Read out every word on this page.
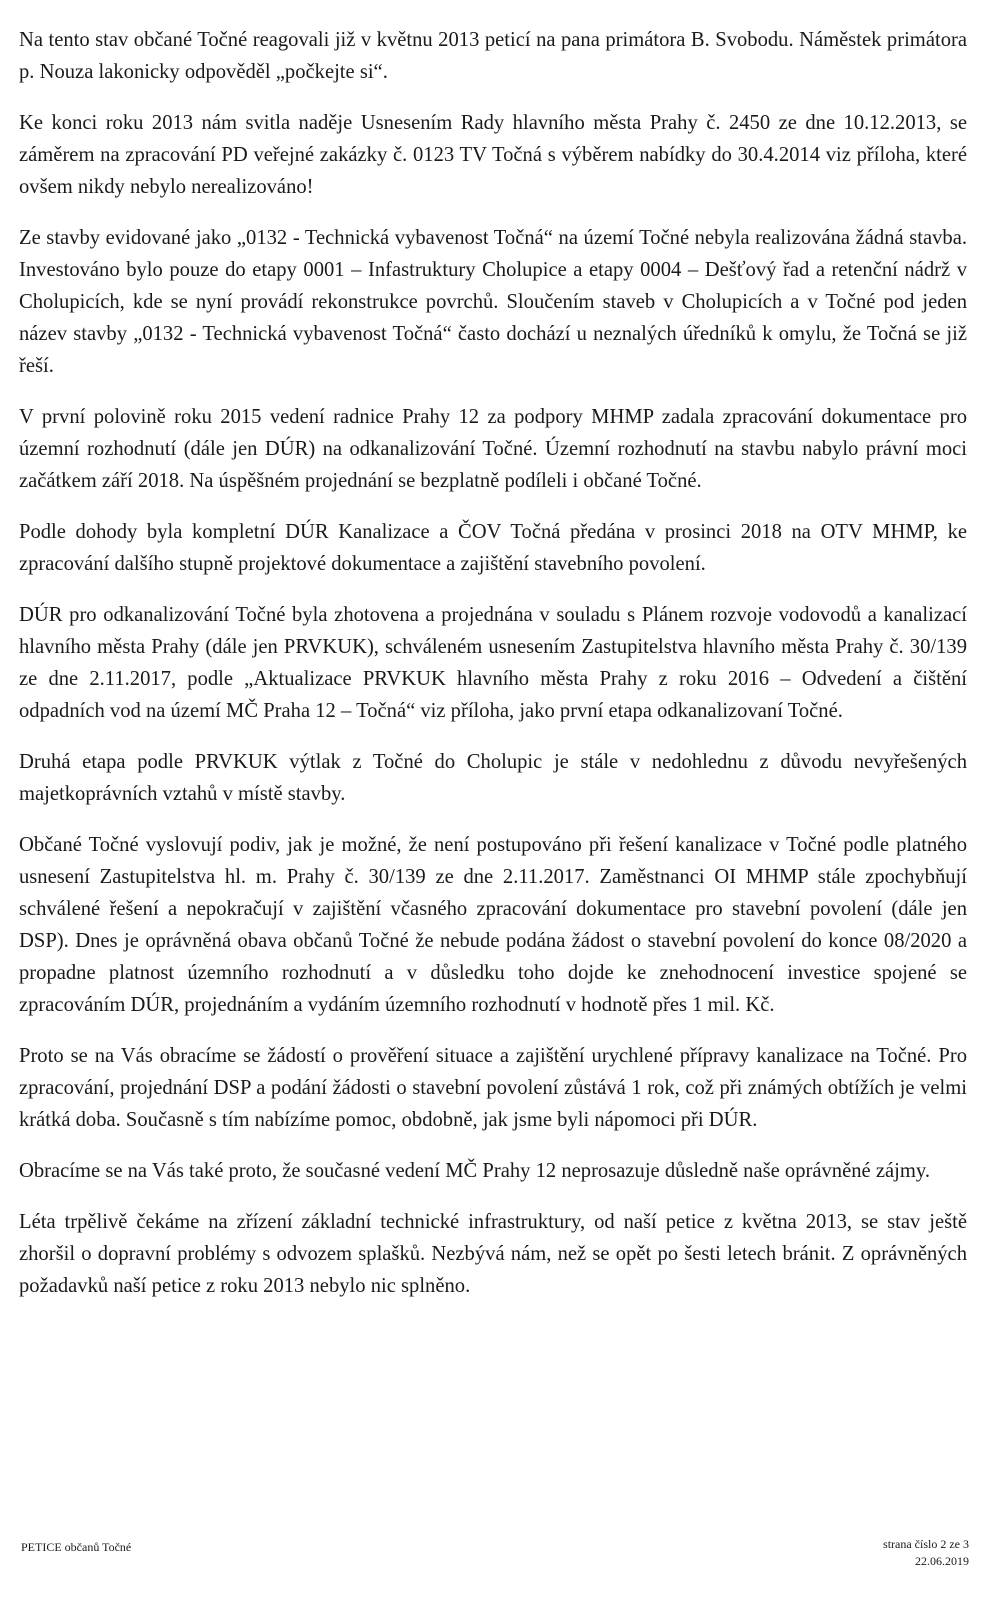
Na tento stav občané Točné reagovali již v květnu 2013 peticí na pana primátora B. Svobodu. Náměstek primátora p. Nouza lakonicky odpověděl „počkejte si“.

Ke konci roku 2013 nám svitla naděje Usnesením Rady hlavního města Prahy č. 2450 ze dne 10.12.2013, se záměrem na zpracování PD veřejné zakázky č. 0123 TV Točná s výběrem nabídky do 30.4.2014 viz příloha, které ovšem nikdy nebylo nerealizováno!

Ze stavby evidované jako „0132 - Technická vybavenost Točná“ na území Točné nebyla realizována žádná stavba. Investováno bylo pouze do etapy 0001 – Infastruktury Cholupice a etapy 0004 – Dešťový řad a retenční nádrž v Cholupicích, kde se nyní provádí rekonstrukce povrchů. Sloučením staveb v Cholupicích a v Točné pod jeden název stavby „0132 - Technická vybavenost Točná“ často dochází u neznalých úředníků k omylu, že Točná se již řeší.

V první polovině roku 2015 vedení radnice Prahy 12 za podpory MHMP zadala zpracování dokumentace pro územní rozhodnutí (dále jen DÚR) na odkanalizování Točné. Územní rozhodnutí na stavbu nabylo právní moci začátkem září 2018. Na úspěšném projednání se bezplatně podíleli i občané Točné.

Podle dohody byla kompletní DÚR Kanalizace a ČOV Točná předána v prosinci 2018 na OTV MHMP, ke zpracování dalšího stupně projektové dokumentace a zajištění stavebního povolení.

DÚR pro odkanalizování Točné byla zhotovena a projednána v souladu s Plánem rozvoje vodovodů a kanalizací hlavního města Prahy (dále jen PRVKUK), schváleném usnesením Zastupitelstva hlavního města Prahy č. 30/139 ze dne 2.11.2017, podle „Aktualizace PRVKUK hlavního města Prahy z roku 2016 – Odvedení a čištění odpadních vod na území MČ Praha 12 – Točná“ viz příloha, jako první etapa odkanalizovaní Točné.

Druhá etapa podle PRVKUK výtlak z Točné do Cholupic je stále v nedohlednu z důvodu nevyřešených majetkoprávních vztahů v místě stavby.

Občané Točné vyslovují podiv, jak je možné, že není postupováno při řešení kanalizace v Točné podle platného usnesení Zastupitelstva hl. m. Prahy č. 30/139 ze dne 2.11.2017. Zaměstnanci OI MHMP stále zpochybňují schválené řešení a nepokračují v zajištění včasného zpracování dokumentace pro stavební povolení (dále jen DSP). Dnes je oprávněná obava občanů Točné že nebude podána žádost o stavební povolení do konce 08/2020 a propadne platnost územního rozhodnutí a v důsledku toho dojde ke znehodnocení investice spojené se zpracováním DÚR, projednáním a vydáním územního rozhodnutí v hodnotě přes 1 mil. Kč.

Proto se na Vás obracíme se žádostí o prověření situace a zajištění urychlené přípravy kanalizace na Točné. Pro zpracování, projednání DSP a podání žádosti o stavební povolení zůstává 1 rok, což při známých obtížích je velmi krátká doba. Současně s tím nabízíme pomoc, obdobně, jak jsme byli nápomoci při DÚR.

Obracíme se na Vás také proto, že současné vedení MČ Prahy 12 neprosazuje důsledně naše oprávněné zájmy.

Léta trpělivě čekáme na zřízení základní technické infrastruktury, od naší petice z května 2013, se stav ještě zhoršil o dopravní problémy s odvozem splašků. Nezbývá nám, než se opět po šesti letech bránit. Z oprávněných požadavků naší petice z roku 2013 nebylo nic splněno.

PETICE občanů Točné	strana číslo 2 ze 3
22.06.2019
